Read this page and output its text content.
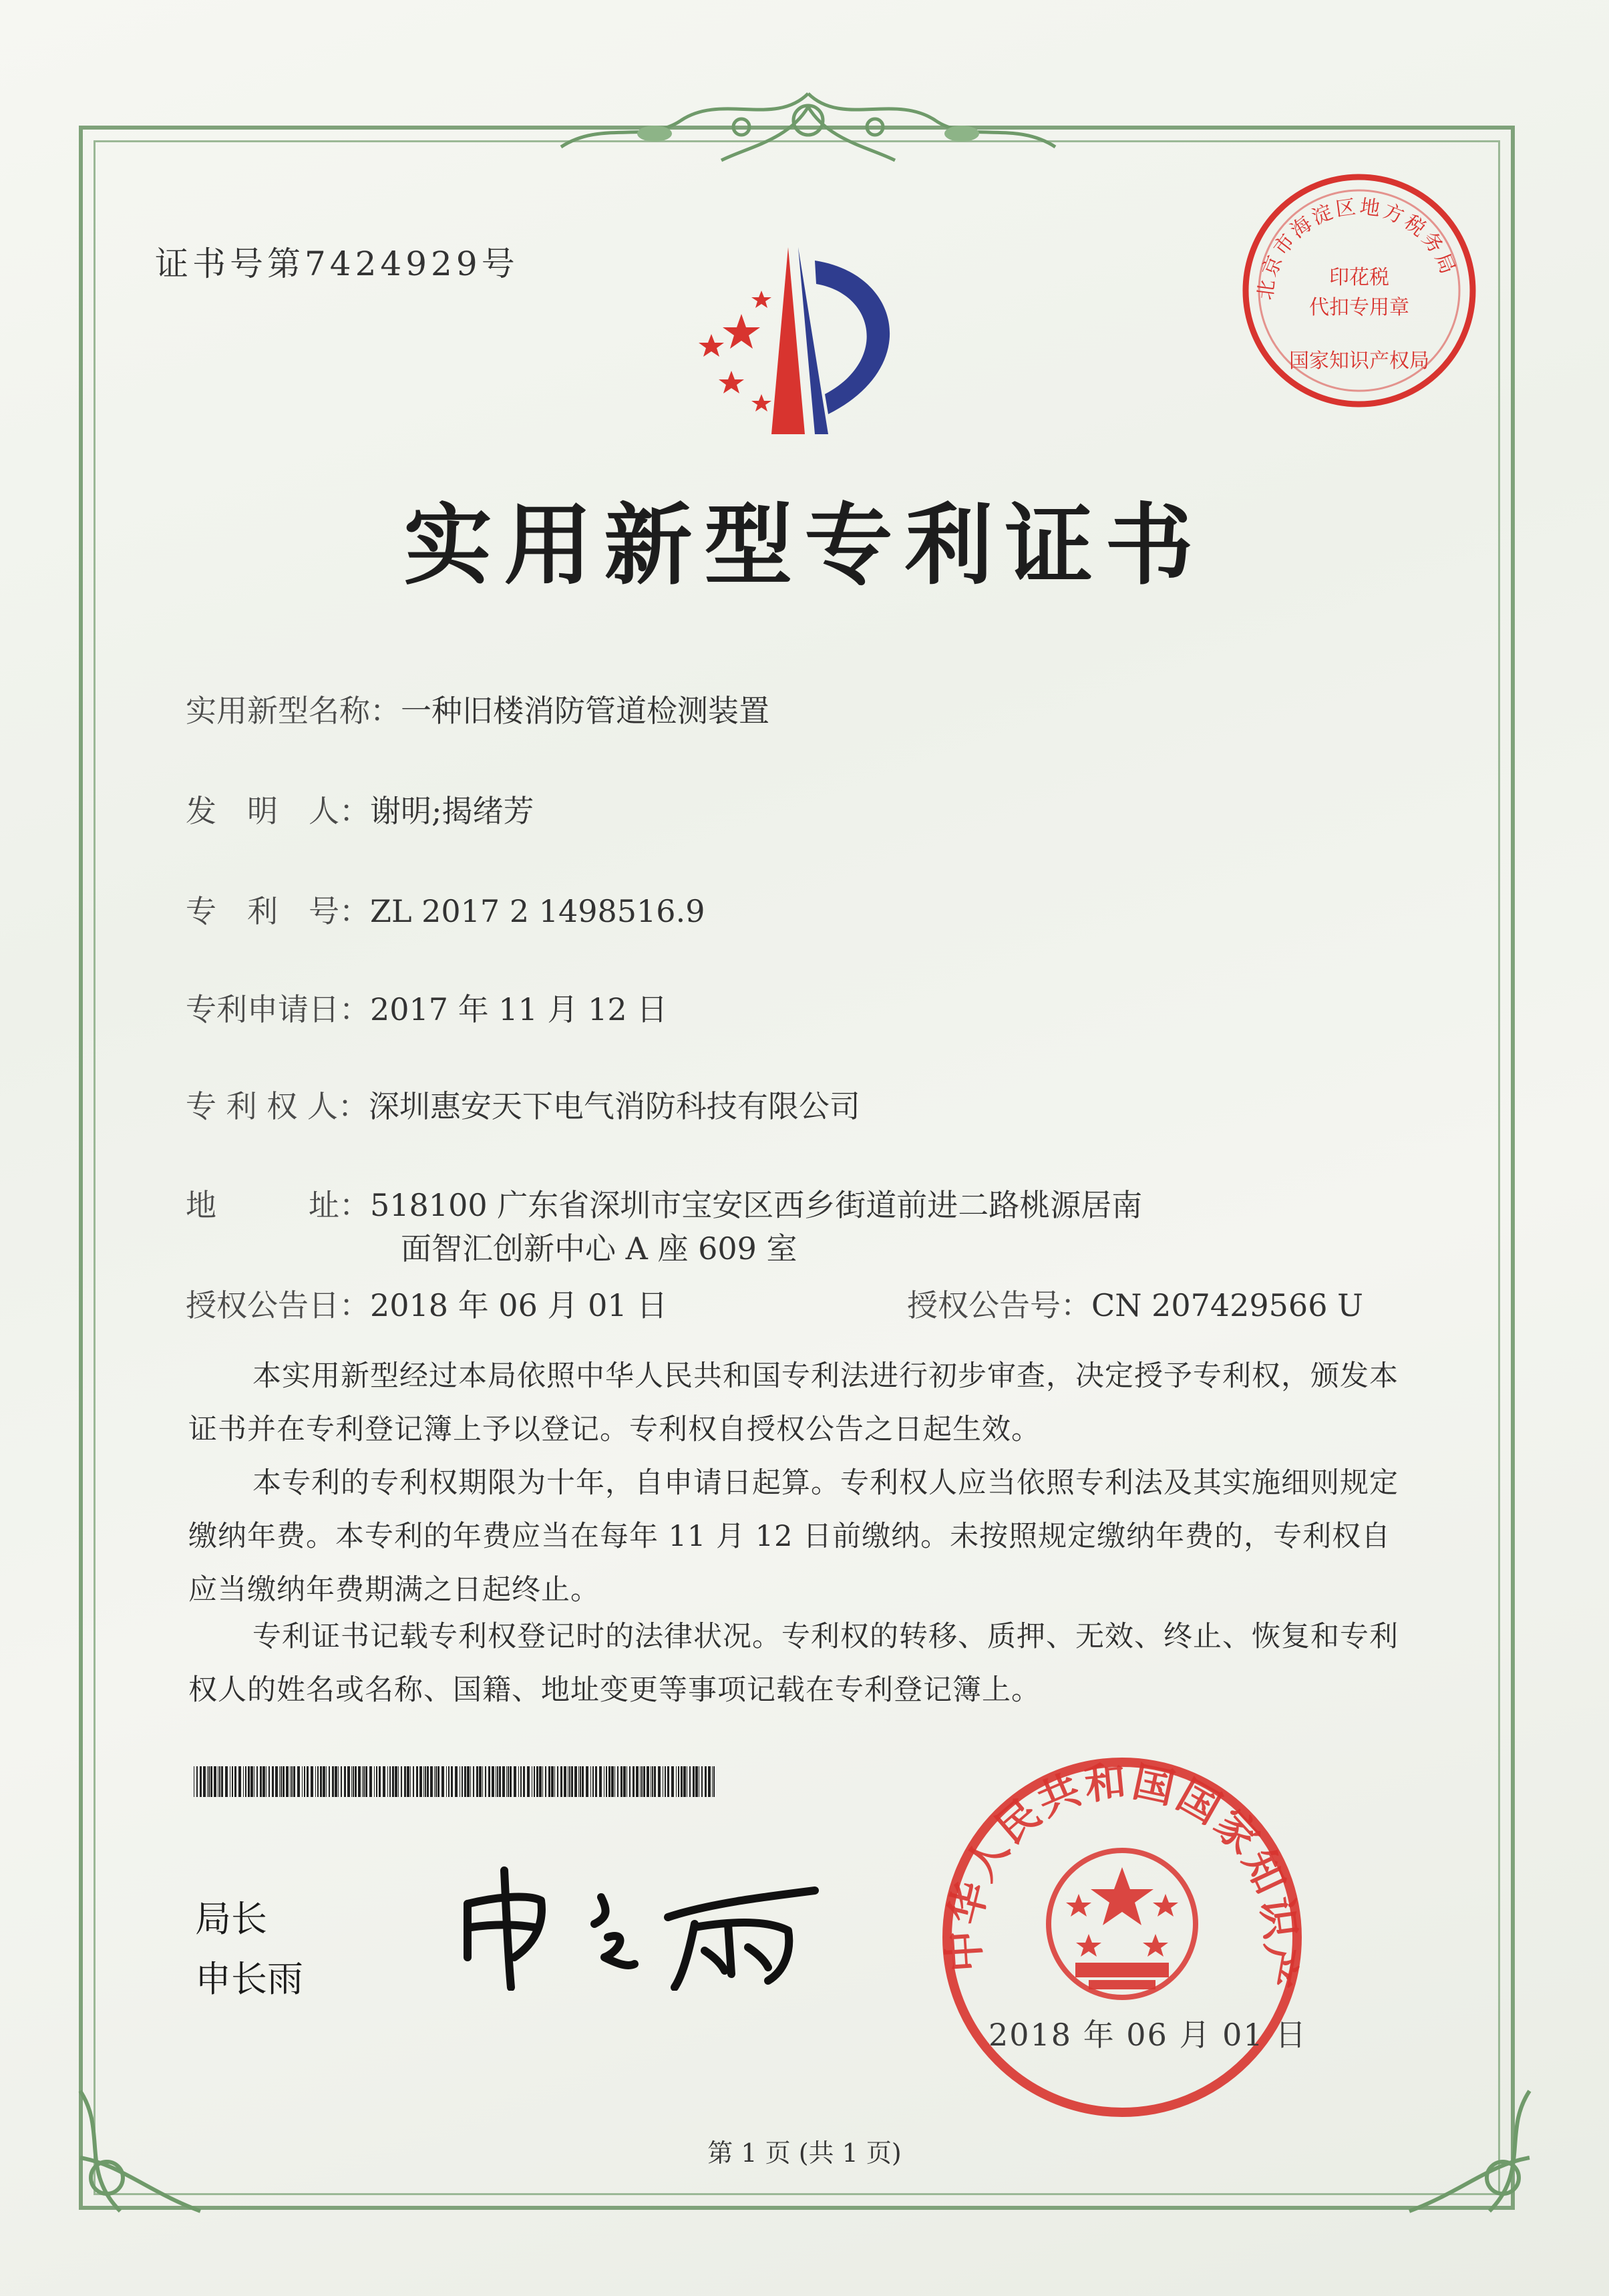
证书号第7424929号
北京市海淀区地方税务局
印花税
代扣专用章
国家知识产权局
实用新型专利证书
实用新型名称：一种旧楼消防管道检测装置
发　明　人：谢明;揭绪芳
专　利　号：ZL 2017 2 1498516.9
专利申请日：2017 年 11 月 12 日
专 利 权 人：深圳惠安天下电气消防科技有限公司
地　　　址：518100 广东省深圳市宝安区西乡街道前进二路桃源居南
面智汇创新中心 A 座 609 室
授权公告日：2018 年 06 月 01 日	授权公告号：CN 207429566 U

本实用新型经过本局依照中华人民共和国专利法进行初步审查，决定授予专利权，颁发本证书并在专利登记簿上予以登记。专利权自授权公告之日起生效。

本专利的专利权期限为十年，自申请日起算。专利权人应当依照专利法及其实施细则规定缴纳年费。本专利的年费应当在每年 11 月 12 日前缴纳。未按照规定缴纳年费的，专利权自应当缴纳年费期满之日起终止。

专利证书记载专利权登记时的法律状况。专利权的转移、质押、无效、终止、恢复和专利权人的姓名或名称、国籍、地址变更等事项记载在专利登记簿上。

局长
申长雨
中华人民共和国国家知识产
2018 年 06 月 01 日
第 1 页 (共 1 页)
